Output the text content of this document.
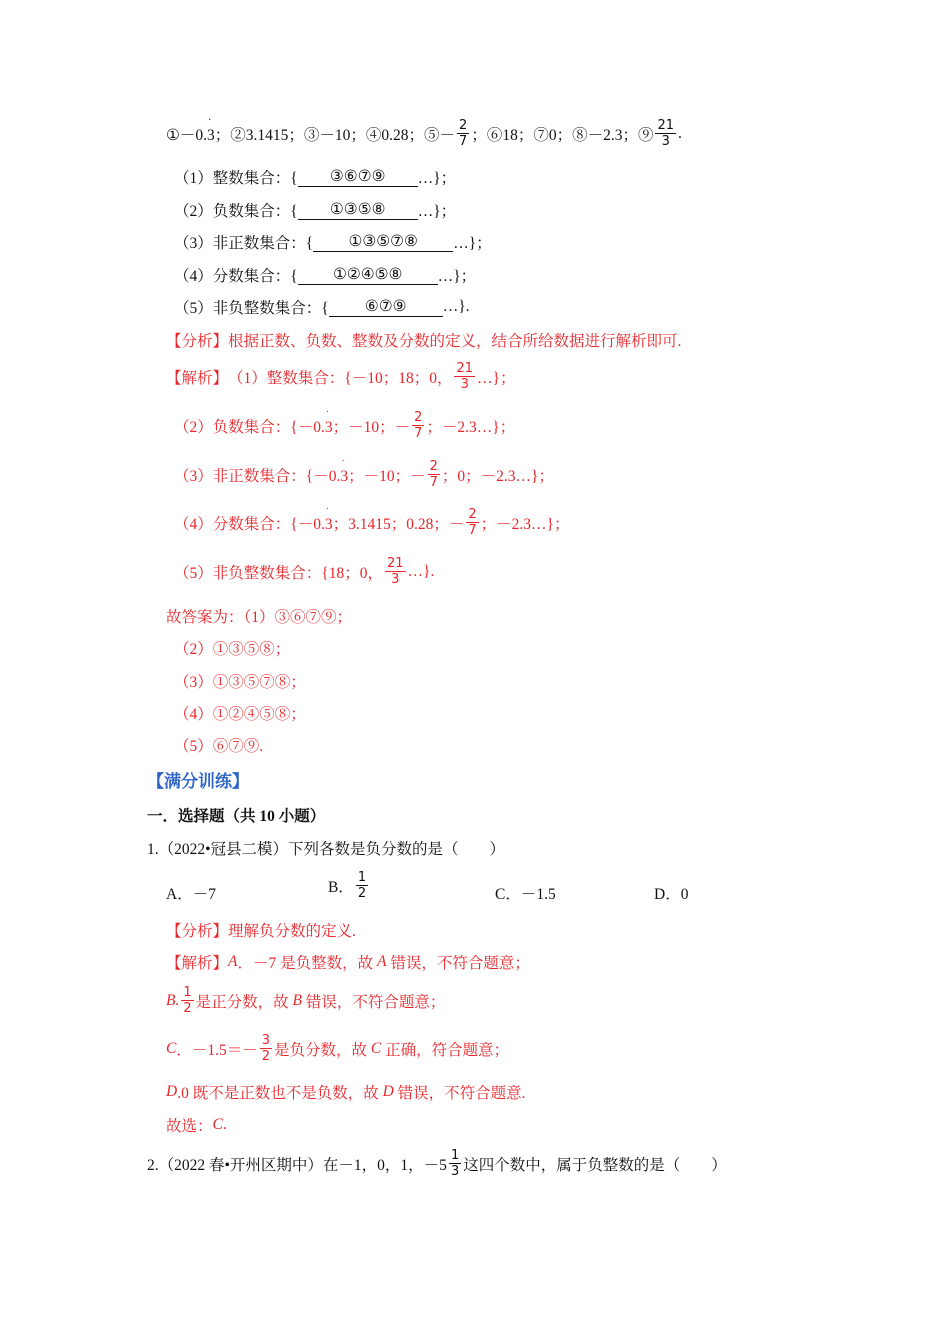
①－0. 3；②3.1415；③－10；④0.28；⑤－
·	$\frac{2}{7}$ ；⑥18；⑦0；⑧－2.3；⑨ $\frac{21}{3}$ .
（1）整数集合：{	③⑥⑦⑨	…}；
（2）负数集合：{	①③⑤⑧	…}；
（3）非正数集合：{	①③⑤⑦⑧	…}；
（4）分数集合：{	①②④⑤⑧	…}；
（5）非负整数集合：{	⑥⑦⑨	…}.
【分析】 根据正数、负数、整数及分数的定义，结合所给数据进行解析即可.
【解析】 （1）整数集合：{－10；18；0， $\frac{21}{3}$ …}；
（2）负数集合：{－0. 3；－10；－
·	$\frac{2}{7}$ ；－2.3…}；
（3）非正数集合：{－0. 3；－10；－
·	$\frac{2}{7}$ ；0；－2.3…}；
（4）分数集合：{－0. 3；3.1415；0.28；－
·	$\frac{2}{7}$ ；－2.3…}；
（5）非负整数集合：{18；0， $\frac{21}{3}$ …}.
故答案为：（1）③⑥⑦⑨；
（2）①③⑤⑧；
（3）①③⑤⑦⑧；
（4）①②④⑤⑧；
（5）⑥⑦⑨.
【满分训练】
一．选择题（共 10 小题）
1.（2022•冠县二模）下列各数是负分数的是（　　）
A．－7	B． $\frac{1}{2}$	C．－1.5	D．0
【分析】 理解负分数的定义.
【解析】 A ．－7 是负整数，故 A 错误，不符合题意；
B. $\frac{1}{2}$ 是正分数，故 B 错误，不符合题意；
C ．$-1.5=- \frac{3}{2}$ 是负分数，故 C 正确，符合题意；
D .0 既不是正数也不是负数，故 D 错误，不符合题意.
故选： C .
2.（2022 春•开州区期中）在－1，0，1，$-5 \frac{1}{3}$ 这四个数中，属于负整数的是（　　）
